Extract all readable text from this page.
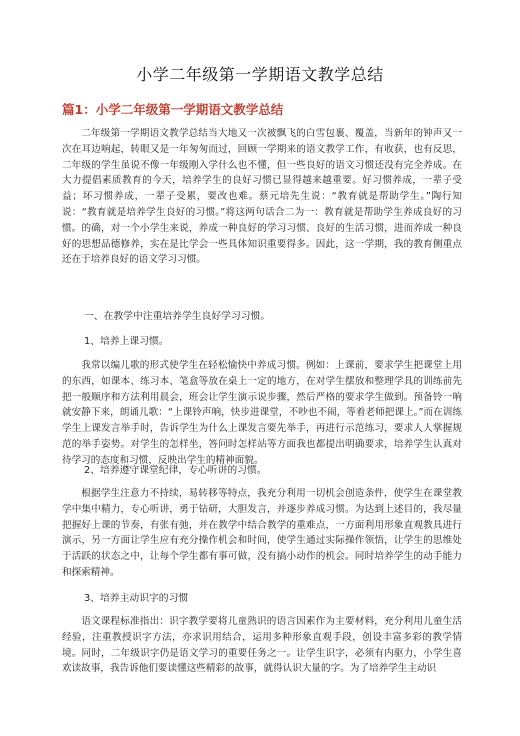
小学二年级第一学期语文教学总结
篇1：小学二年级第一学期语文教学总结

二年级第一学期语文教学总结当大地又一次被飘飞的白雪包裹、覆盖，当新年的钟声又一次在耳边响起，转眼又是一年匆匆而过，回顾一学期来的语文教学工作，有收获，也有反思，二年级的学生虽说不像一年级刚入学什么也不懂，但一些良好的语文习惯还没有完全养成。在大力提倡素质教育的今天，培养学生的良好习惯已显得越来越重要。好习惯养成，一辈子受益；坏习惯养成，一辈子受累，要改也难。蔡元培先生说：“教育就是帮助学生。”陶行知说：“教育就是培养学生良好的习惯。”将这两句话合二为一：教育就是帮助学生养成良好的习惯。的确，对一个小学生来说，养成一种良好的学习习惯、良好的生活习惯，进而养成一种良好的思想品德修养，实在是比学会一些具体知识重要得多。因此，这一学期，我的教育侧重点还在于培养良好的语文学习习惯。

一、在教学中注重培养学生良好学习习惯。

1、培养上课习惯。

我常以编儿歌的形式使学生在轻松愉快中养成习惯。例如：上课前，要求学生把课堂上用的东西，如课本、练习本、笔盒等放在桌上一定的地方，在对学生摆放和整理学具的训练前先把一般顺序和方法利用晨会，班会让学生演示说步骤，然后严格的要求学生做到。预备铃一响就安静下来，朗诵儿歌：“上课铃声响，快步进课堂，不吵也不闹，等着老师把课上。”而在训练学生上课发言举手时，告诉学生为什么上课发言要先举手，再进行示范练习，要求人人掌握规范的举手姿势。对学生的怎样坐，答问时怎样站等方面我也都提出明确要求，培养学生认真对待学习的态度和习惯，反映出学生的精神面貌。

2、培养遵守课堂纪律，专心听讲的习惯。

根据学生注意力不持续，易转移等特点，我充分利用一切机会创造条件，使学生在课堂教学中集中精力，专心听讲，勇于钻研，大胆发言，并逐步养成习惯。为达到上述目的，我尽量把握好上课的节奏，有张有弛，并在教学中结合教学的重难点，一方面利用形象直观教具进行演示，另一方面让学生应有充分操作机会和时间，使学生通过实际操作领悟，让学生的思维处于活跃的状态之中，让每个学生都有事可做，没有搞小动作的机会。同时培养学生的动手能力和探索精神。

3、培养主动识字的习惯

语文课程标准指出：识字教学要将儿童熟识的语言因素作为主要材料，充分利用儿童生活经验，注重教授识字方法，亦求识用结合，运用多种形象直观手段，创设丰富多彩的教学情境。同时，二年级识字仍是语文学习的重要任务之一。让学生识字，必须有内驱力，小学生喜欢读故事，我告诉他们要读懂这些精彩的故事，就得认识大量的字。为了培养学生主动识
